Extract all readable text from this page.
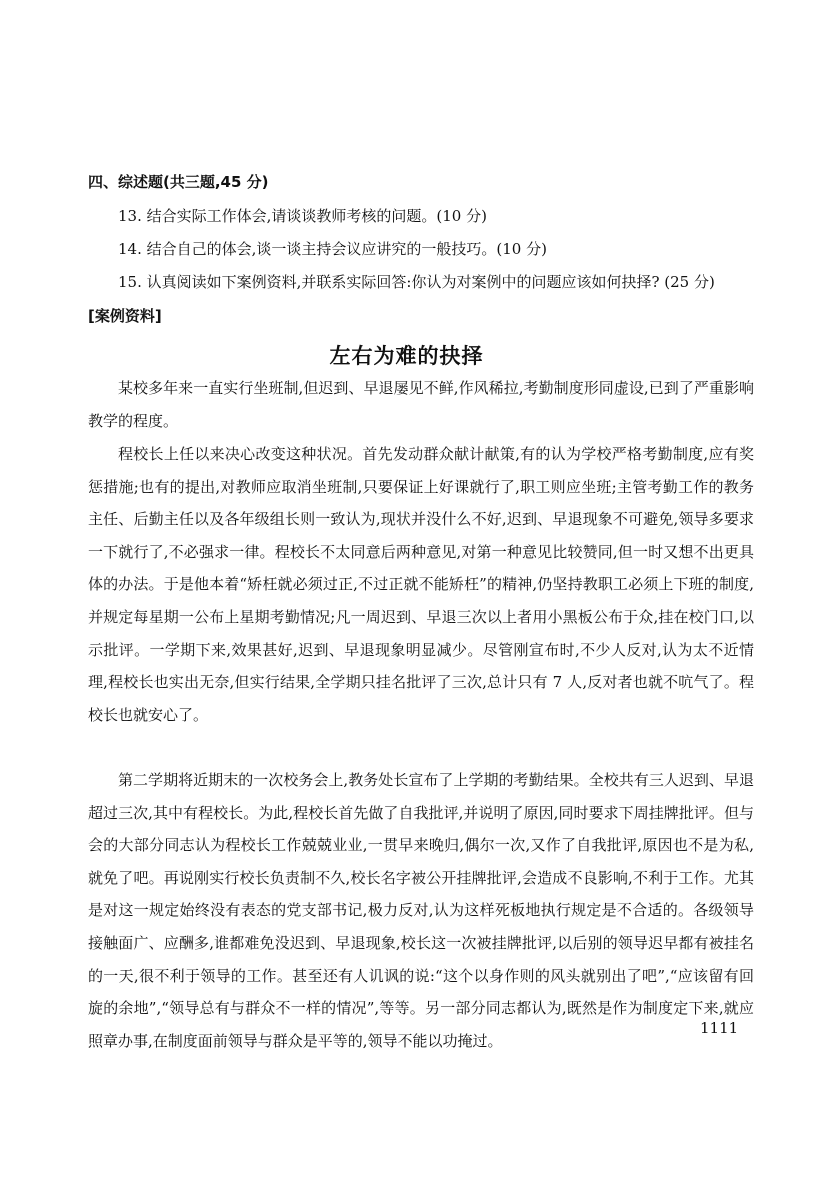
四、综述题(共三题,45 分)
13. 结合实际工作体会,请谈谈教师考核的问题。(10 分)
14. 结合自己的体会,谈一谈主持会议应讲究的一般技巧。(10 分)
15. 认真阅读如下案例资料,并联系实际回答:你认为对案例中的问题应该如何抉择? (25 分)
[案例资料]
左右为难的抉择
某校多年来一直实行坐班制,但迟到、早退屡见不鲜,作风稀拉,考勤制度形同虚设,已到了严重影响教学的程度。
程校长上任以来决心改变这种状况。首先发动群众献计献策,有的认为学校严格考勤制度,应有奖惩措施;也有的提出,对教师应取消坐班制,只要保证上好课就行了,职工则应坐班;主管考勤工作的教务主任、后勤主任以及各年级组长则一致认为,现状并没什么不好,迟到、早退现象不可避免,领导多要求一下就行了,不必强求一律。程校长不太同意后两种意见,对第一种意见比较赞同,但一时又想不出更具体的办法。于是他本着“矫枉就必须过正,不过正就不能矫枉”的精神,仍坚持教职工必须上下班的制度,并规定每星期一公布上星期考勤情况;凡一周迟到、早退三次以上者用小黑板公布于众,挂在校门口,以示批评。一学期下来,效果甚好,迟到、早退现象明显减少。尽管刚宣布时,不少人反对,认为太不近情理,程校长也实出无奈,但实行结果,全学期只挂名批评了三次,总计只有 7 人,反对者也就不吭气了。程校长也就安心了。
第二学期将近期末的一次校务会上,教务处长宣布了上学期的考勤结果。全校共有三人迟到、早退超过三次,其中有程校长。为此,程校长首先做了自我批评,并说明了原因,同时要求下周挂牌批评。但与会的大部分同志认为程校长工作兢兢业业,一贯早来晚归,偶尔一次,又作了自我批评,原因也不是为私,就免了吧。再说刚实行校长负责制不久,校长名字被公开挂牌批评,会造成不良影响,不利于工作。尤其是对这一规定始终没有表态的党支部书记,极力反对,认为这样死板地执行规定是不合适的。各级领导接触面广、应酬多,谁都难免没迟到、早退现象,校长这一次被挂牌批评,以后别的领导迟早都有被挂名的一天,很不利于领导的工作。甚至还有人讥讽的说:“这个以身作则的风头就别出了吧”,“应该留有回旋的余地”,“领导总有与群众不一样的情况”,等等。另一部分同志都认为,既然是作为制度定下来,就应照章办事,在制度面前领导与群众是平等的,领导不能以功掩过。
1111
